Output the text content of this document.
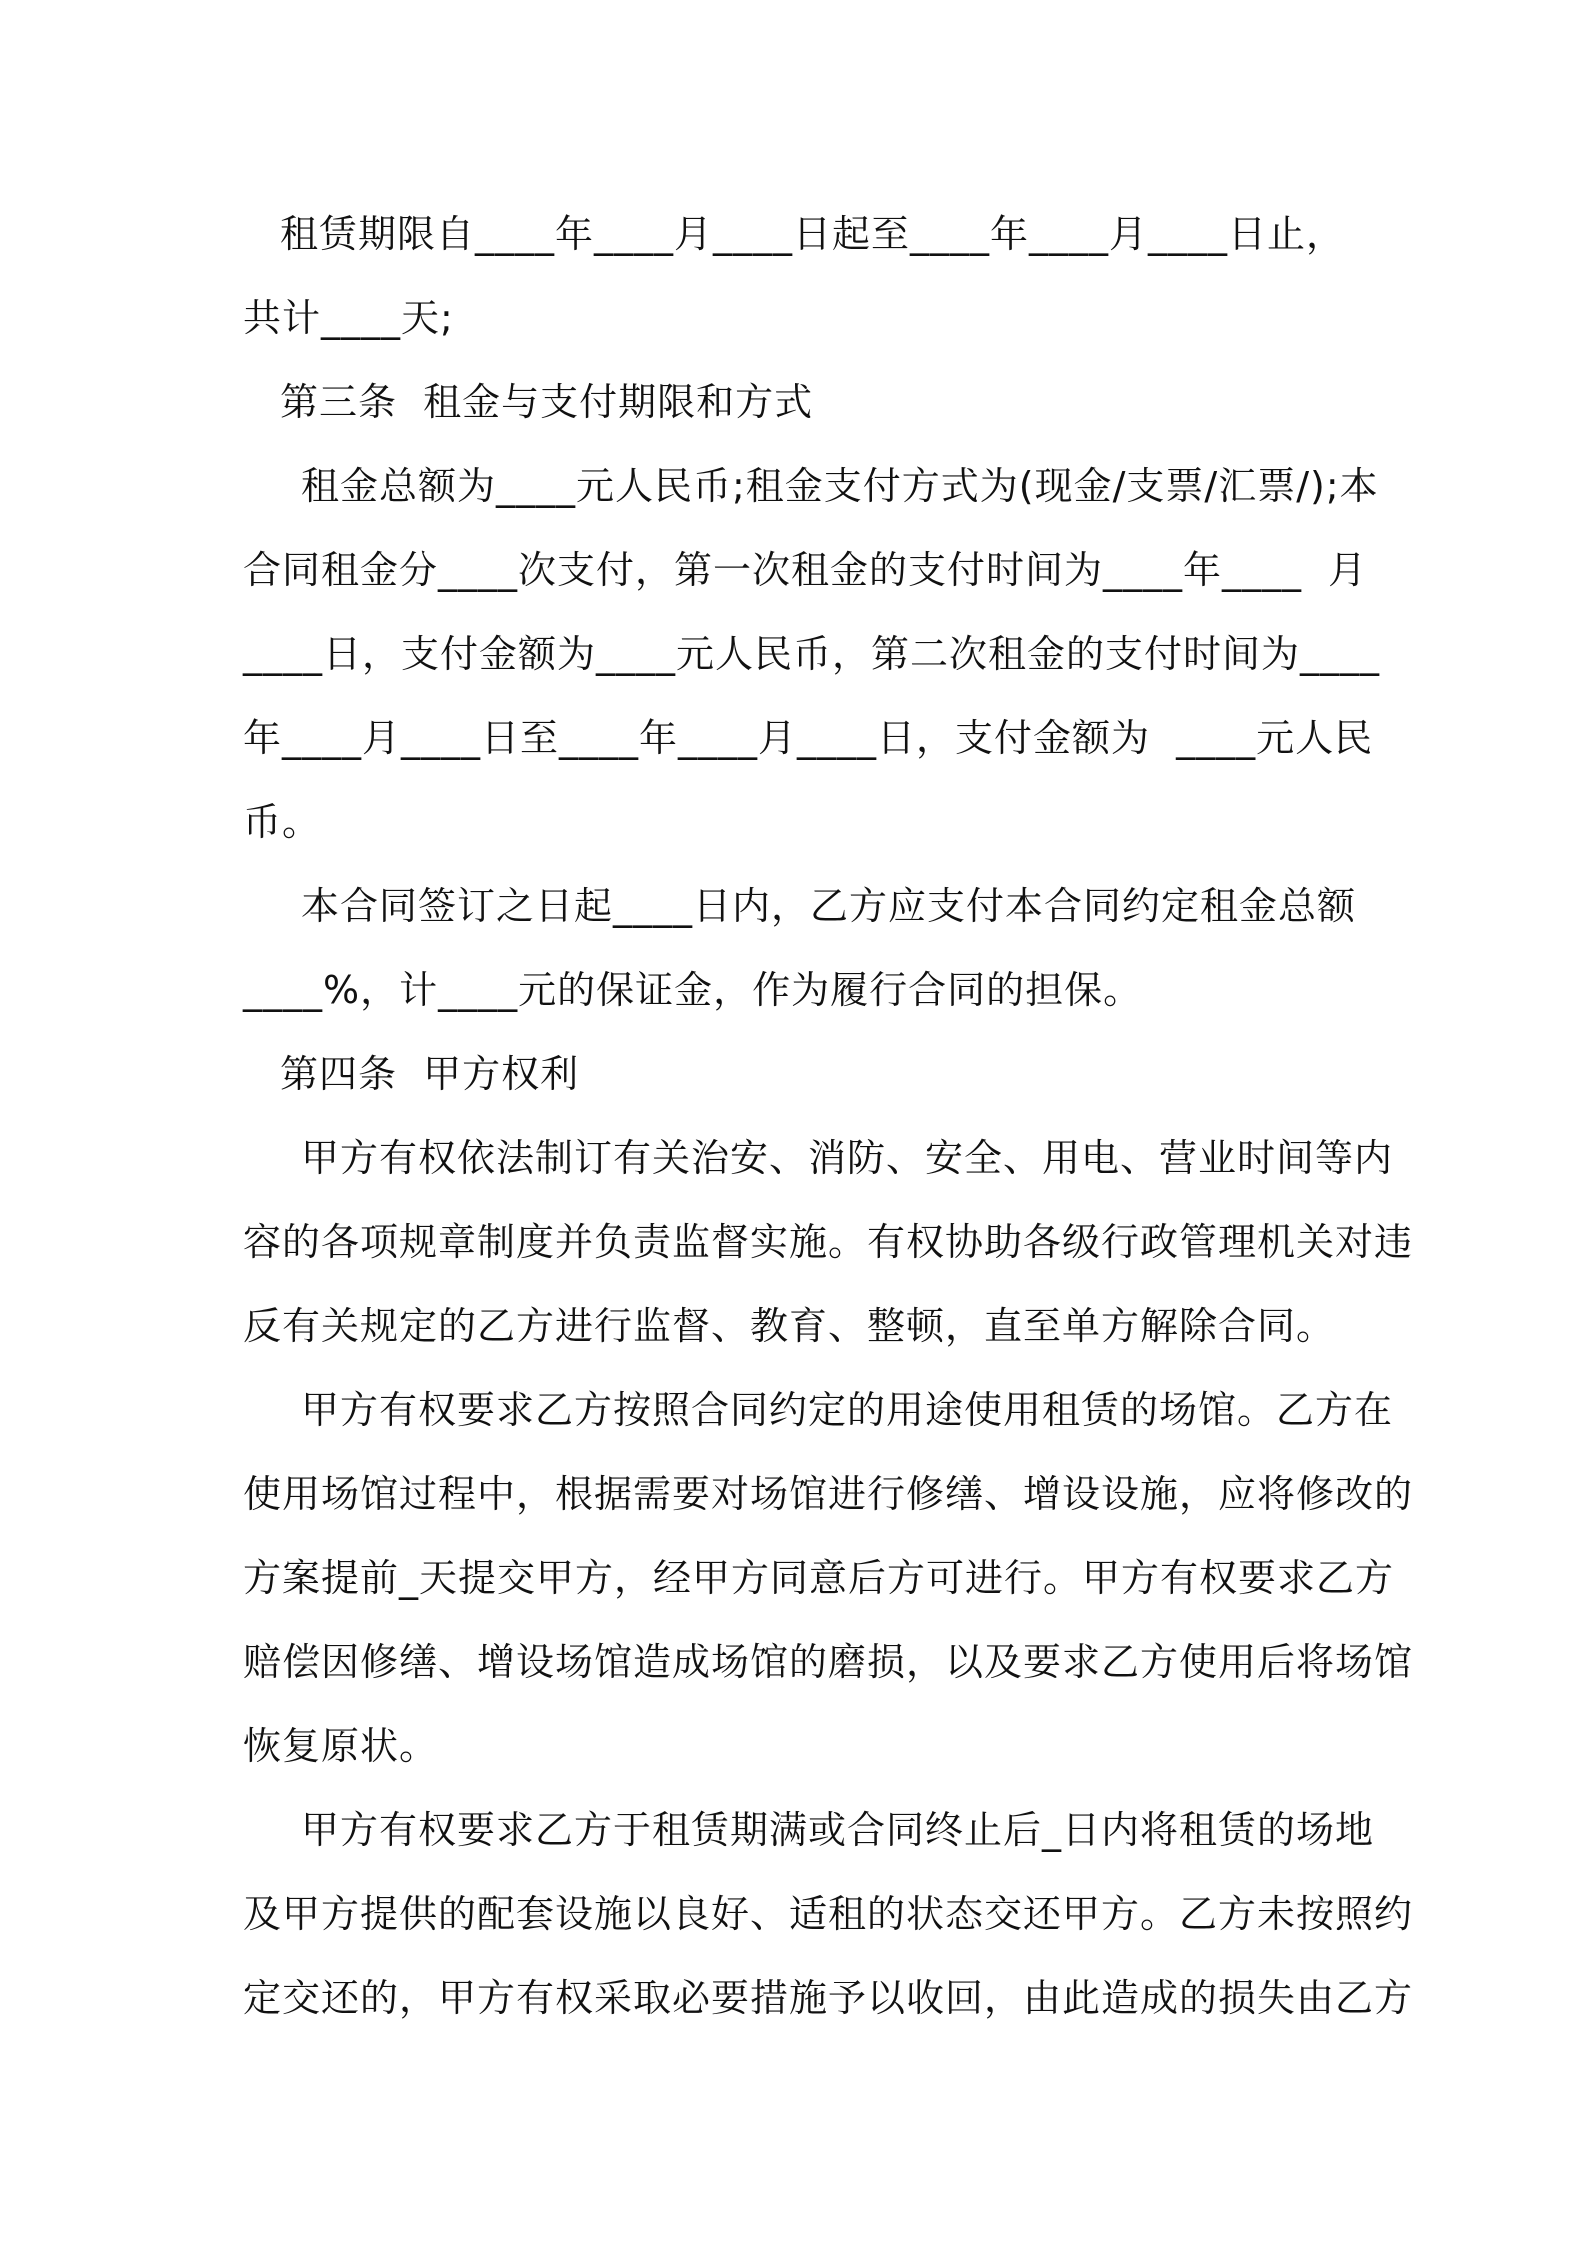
租赁期限自____年____月____日起至____年____月____日止，
共计____天;
第三条  租金与支付期限和方式
租金总额为____元人民币;租金支付方式为(现金/支票/汇票/);本
合同租金分____次支付，第一次租金的支付时间为____年____  月
____日，支付金额为____元人民币，第二次租金的支付时间为____
年____月____日至____年____月____日，支付金额为  ____元人民
币。
本合同签订之日起____日内，乙方应支付本合同约定租金总额
____%，计____元的保证金，作为履行合同的担保。
第四条  甲方权利
甲方有权依法制订有关治安、消防、安全、用电、营业时间等内
容的各项规章制度并负责监督实施。有权协助各级行政管理机关对违
反有关规定的乙方进行监督、教育、整顿，直至单方解除合同。
甲方有权要求乙方按照合同约定的用途使用租赁的场馆。乙方在
使用场馆过程中，根据需要对场馆进行修缮、增设设施，应将修改的
方案提前_天提交甲方，经甲方同意后方可进行。甲方有权要求乙方
赔偿因修缮、增设场馆造成场馆的磨损，以及要求乙方使用后将场馆
恢复原状。
甲方有权要求乙方于租赁期满或合同终止后_日内将租赁的场地
及甲方提供的配套设施以良好、适租的状态交还甲方。乙方未按照约
定交还的，甲方有权采取必要措施予以收回，由此造成的损失由乙方
